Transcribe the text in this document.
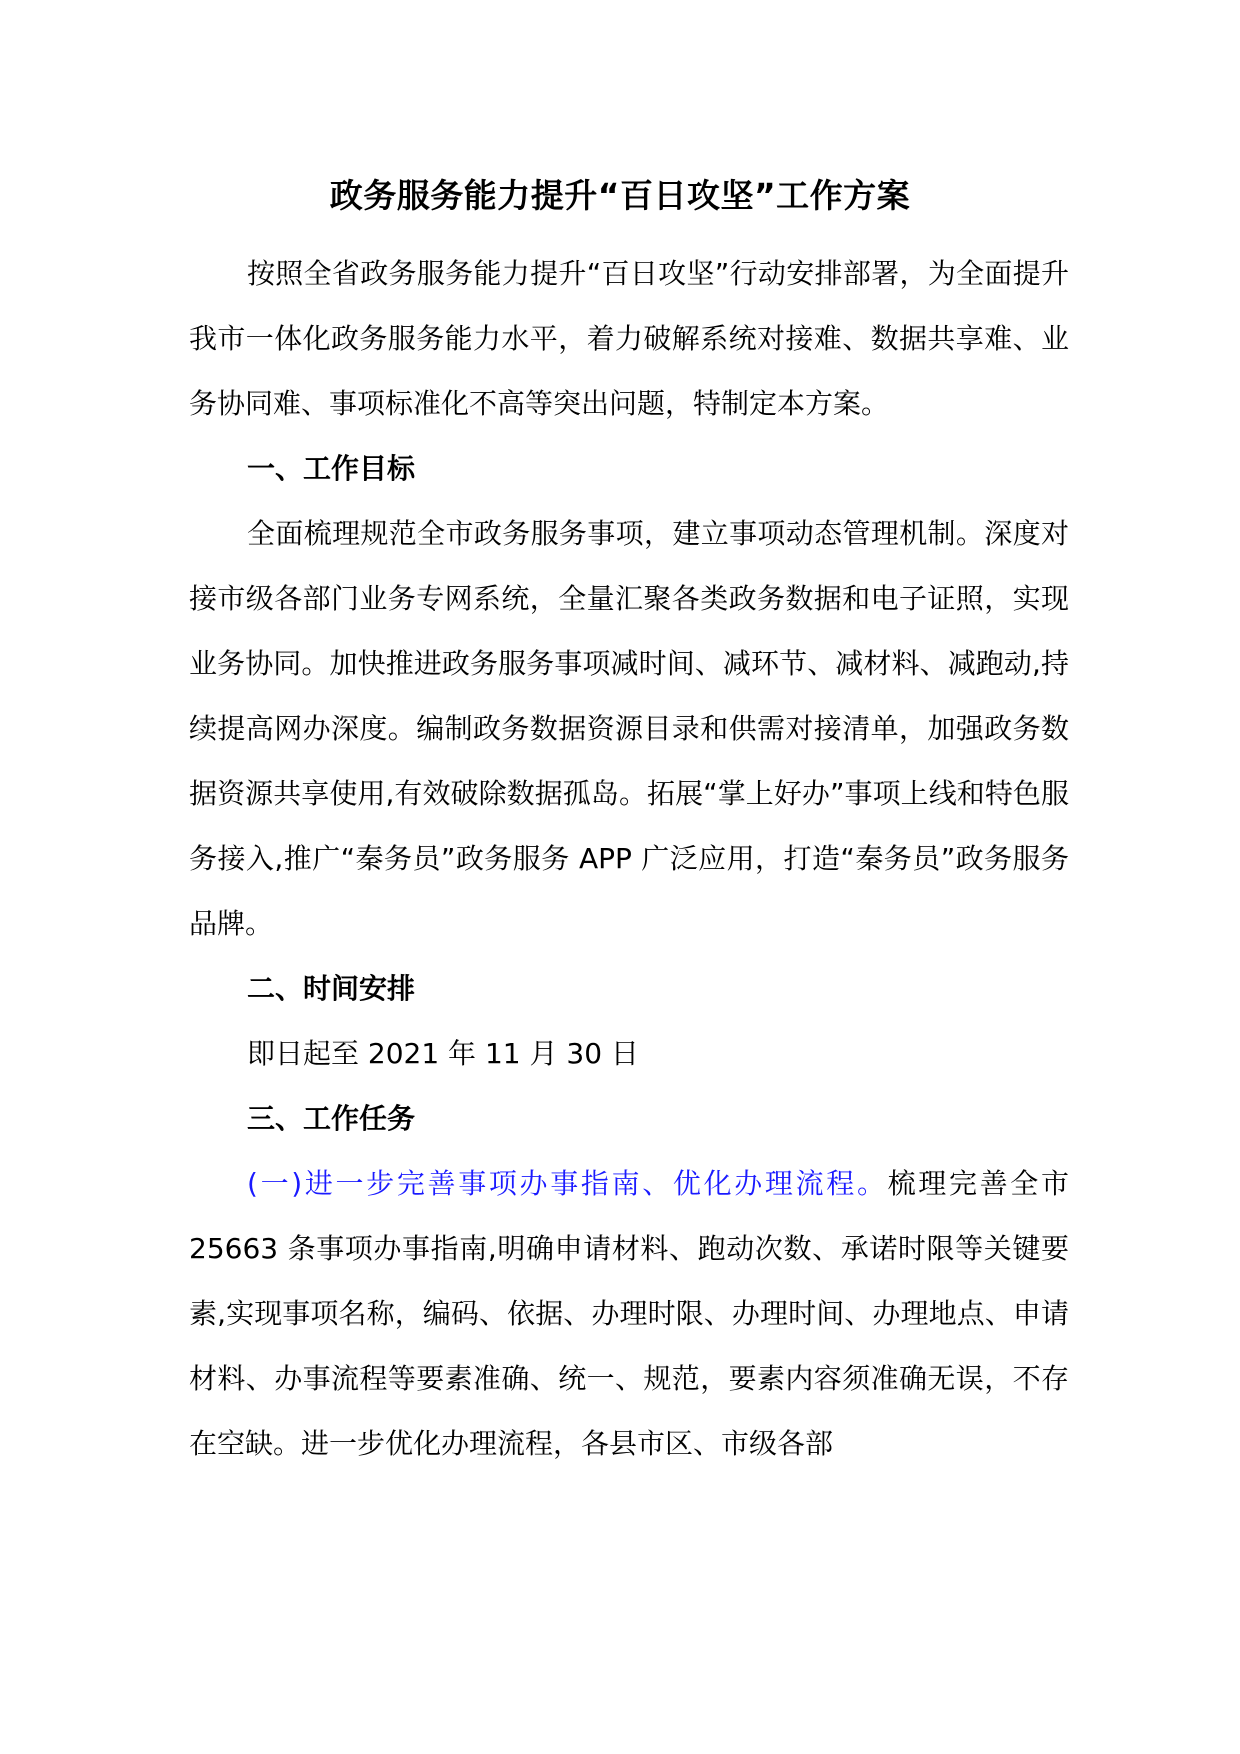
政务服务能力提升“百日攻坚”工作方案

按照全省政务服务能力提升“百日攻坚”行动安排部署，为全面提升我市一体化政务服务能力水平，着力破解系统对接难、数据共享难、业务协同难、事项标准化不高等突出问题，特制定本方案。

一、工作目标

全面梳理规范全市政务服务事项，建立事项动态管理机制。深度对接市级各部门业务专网系统，全量汇聚各类政务数据和电子证照，实现业务协同。加快推进政务服务事项减时间、减环节、减材料、减跑动,持续提高网办深度。编制政务数据资源目录和供需对接清单，加强政务数据资源共享使用,有效破除数据孤岛。拓展“掌上好办”事项上线和特色服务接入,推广“秦务员”政务服务 APP 广泛应用，打造“秦务员”政务服务品牌。

二、时间安排

即日起至 2021 年 11 月 30 日

三、工作任务

(一)进一步完善事项办事指南、优化办理流程。梳理完善全市 25663 条事项办事指南,明确申请材料、跑动次数、承诺时限等关键要素,实现事项名称，编码、依据、办理时限、办理时间、办理地点、申请材料、办事流程等要素准确、统一、规范，要素内容须准确无误，不存在空缺。进一步优化办理流程，各县市区、市级各部
